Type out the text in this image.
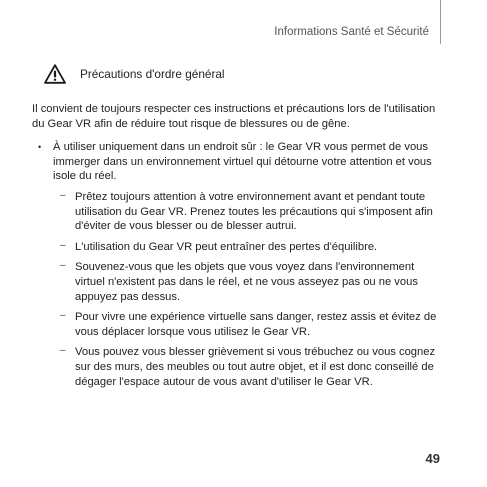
Informations Santé et Sécurité
Précautions d'ordre général

Il convient de toujours respecter ces instructions et précautions lors de l'utilisation du Gear VR afin de réduire tout risque de blessures ou de gêne.

• À utiliser uniquement dans un endroit sûr : le Gear VR vous permet de vous immerger dans un environnement virtuel qui détourne votre attention et vous isole du réel.
– Prêtez toujours attention à votre environnement avant et pendant toute utilisation du Gear VR. Prenez toutes les précautions qui s'imposent afin d'éviter de vous blesser ou de blesser autrui.
– L'utilisation du Gear VR peut entraîner des pertes d'équilibre.
– Souvenez-vous que les objets que vous voyez dans l'environnement virtuel n'existent pas dans le réel, et ne vous asseyez pas ou ne vous appuyez pas dessus.
– Pour vivre une expérience virtuelle sans danger, restez assis et évitez de vous déplacer lorsque vous utilisez le Gear VR.
– Vous pouvez vous blesser grièvement si vous trébuchez ou vous cognez sur des murs, des meubles ou tout autre objet, et il est donc conseillé de dégager l'espace autour de vous avant d'utiliser le Gear VR.
49
